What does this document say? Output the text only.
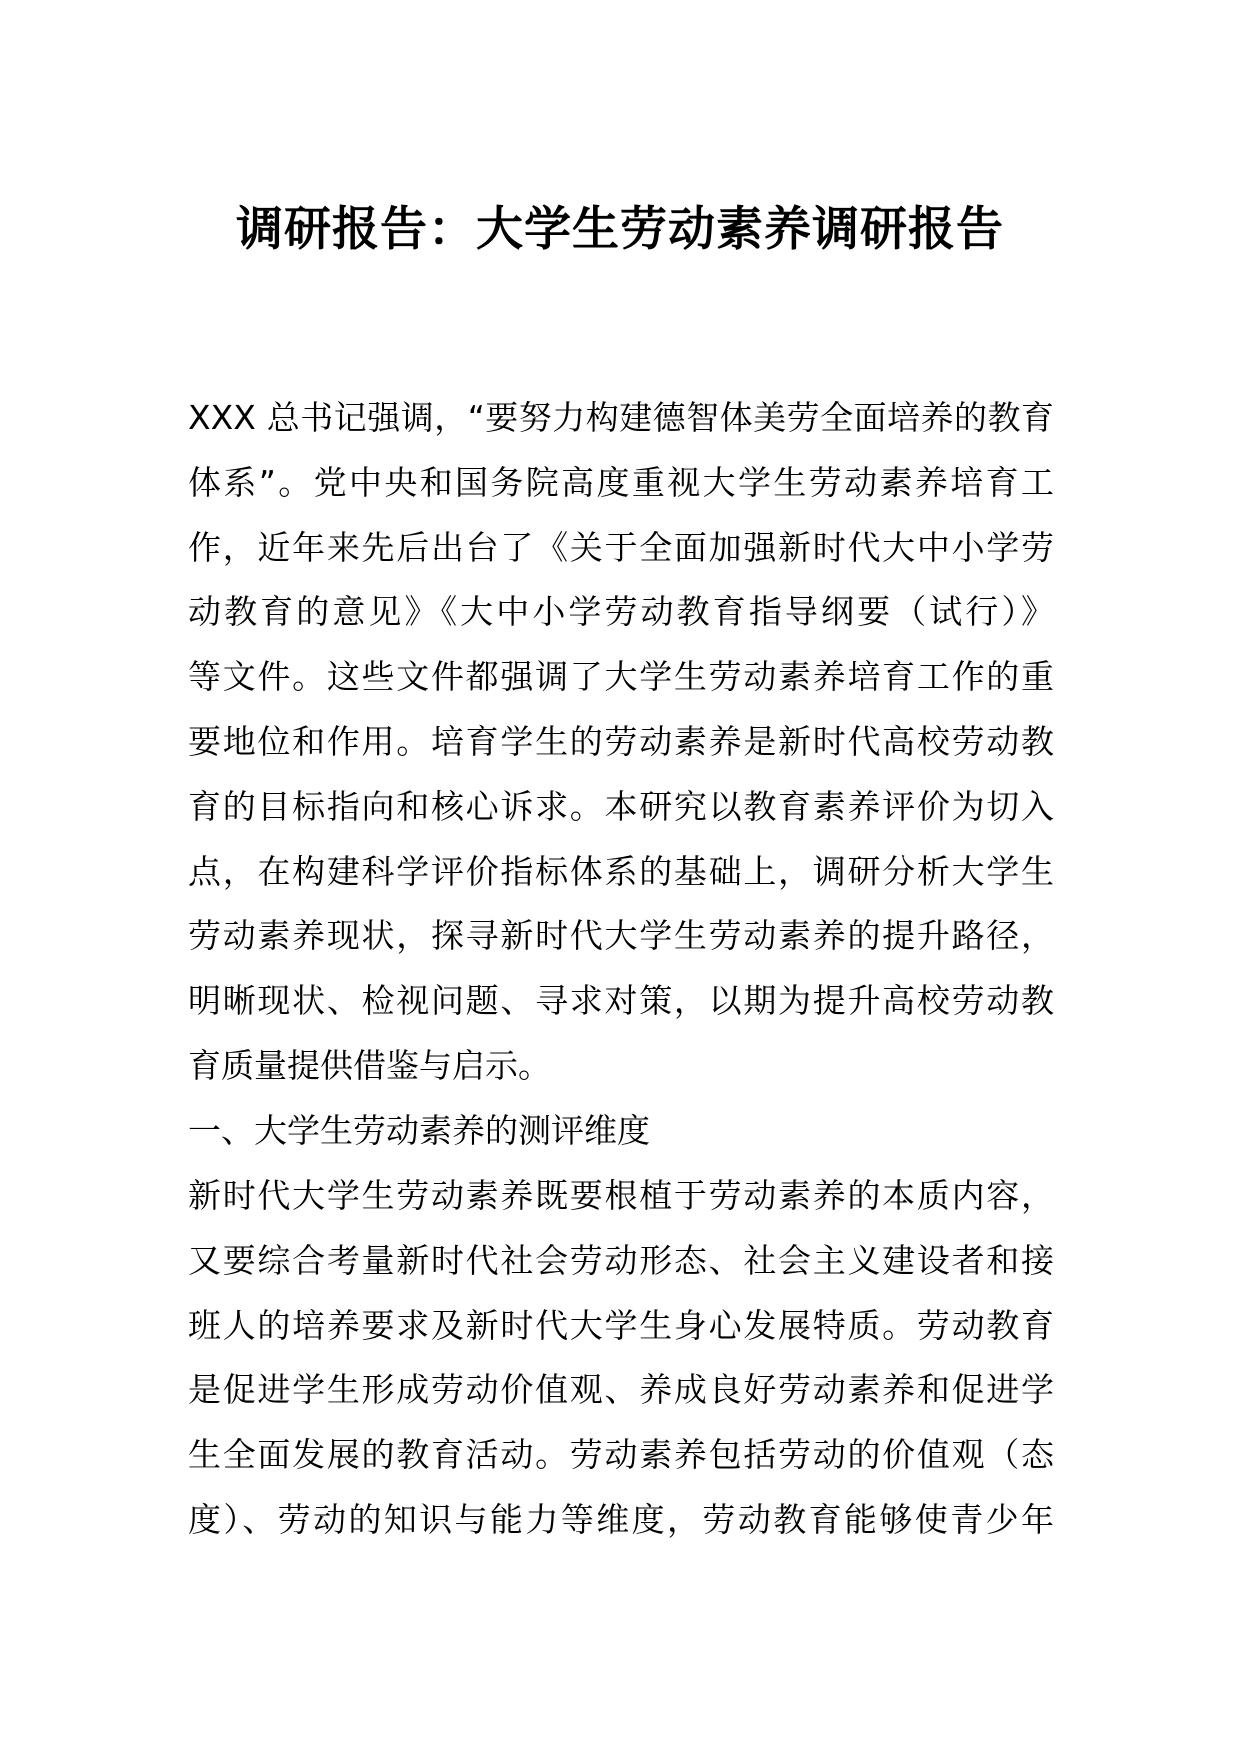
调研报告：大学生劳动素养调研报告
XXX 总书记强调，“要努力构建德智体美劳全面培养的教育
体系”。党中央和国务院高度重视大学生劳动素养培育工
作，近年来先后出台了《关于全面加强新时代大中小学劳
动教育的意见》《大中小学劳动教育指导纲要（试行）》
等文件。这些文件都强调了大学生劳动素养培育工作的重
要地位和作用。培育学生的劳动素养是新时代高校劳动教
育的目标指向和核心诉求。本研究以教育素养评价为切入
点，在构建科学评价指标体系的基础上，调研分析大学生
劳动素养现状，探寻新时代大学生劳动素养的提升路径，
明晰现状、检视问题、寻求对策，以期为提升高校劳动教
育质量提供借鉴与启示。
一、大学生劳动素养的测评维度
新时代大学生劳动素养既要根植于劳动素养的本质内容，
又要综合考量新时代社会劳动形态、社会主义建设者和接
班人的培养要求及新时代大学生身心发展特质。劳动教育
是促进学生形成劳动价值观、养成良好劳动素养和促进学
生全面发展的教育活动。劳动素养包括劳动的价值观（态
度）、劳动的知识与能力等维度，劳动教育能够使青少年
